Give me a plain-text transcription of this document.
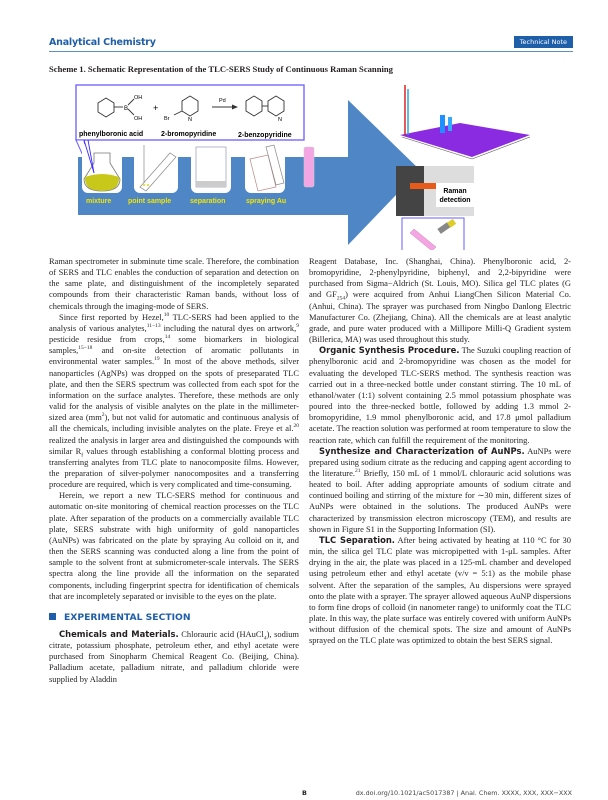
Analytical Chemistry	Technical Note
Scheme 1. Schematic Representation of the TLC-SERS Study of Continuous Raman Scanning
B
OH
OH
+
Br	N
Pd
N
phenylboronic acid	2-bromopyridine	2-benzopyridine
mixture point sample	separation	spraying Au
Raman
detection

Raman spectrometer in subminute time scale. Therefore, the combination of SERS and TLC enables the conduction of separation and detection on the same plate, and distinguishment of the incompletely separated compounds from their characteristic Raman bands, without loss of chemicals through the imaging-mode of SERS.

Since first reported by Hezel,$^{10}$ TLC-SERS had been applied to the analysis of various analytes,$^{11-13}$ including the natural dyes on artwork,$^9$ pesticide residue from crops,$^{14}$ some biomarkers in biological samples,$^{15-18}$ and on-site detection of aromatic pollutants in environmental water samples.$^{19}$ In most of the above methods, silver nanoparticles (AgNPs) was dropped on the spots of preseparated TLC plate, and then the SERS spectrum was collected from each spot for the information on the surface analytes. Therefore, these methods are only valid for the analysis of visible analytes on the plate in the millimeter-sized area $(mm^2)$, but not valid for automatic and continuous analysis of all the chemicals, including invisible analytes on the plate. Freye et al.$^{20}$ realized the analysis in larger area and distinguished the compounds with similar $R_f$ values through establishing a conformal blotting process and transferring analytes from TLC plate to nanocomposite films. However, the preparation of silver-polymer nanocomposites and a transferring procedure are required, which is very complicated and time-consuming.

Herein, we report a new TLC-SERS method for continuous and automatic on-site monitoring of chemical reaction processes on the TLC plate. After separation of the products on a commercially available TLC plate, SERS substrate with high uniformity of gold nanoparticles (AuNPs) was fabricated on the plate by spraying Au colloid on it, and then the SERS scanning was conducted along a line from the point of sample to the solvent front at submicrometer-scale intervals. The SERS spectra along the line provide all the information on the separated components, including fingerprint spectra for identification of chemicals that are incompletely separated or invisible to the eyes on the plate.

EXPERIMENTAL SECTION

Chemicals and Materials. Chlorauric acid (HAuCl$_4$), sodium citrate, potassium phosphate, petroleum ether, and ethyl acetate were purchased from Sinopharm Chemical Reagent Co. (Beijing, China). Palladium acetate, palladium nitrate, and palladium chloride were supplied by Aladdin

Reagent Database, Inc. (Shanghai, China). Phenylboronic acid, 2-bromopyridine, 2-phenylpyridine, biphenyl, and 2,2-bipyridine were purchased from Sigma−Aldrich (St. Louis, MO). Silica gel TLC plates (G and $GF_{254}$) were acquired from Anhui LiangChen Silicon Material Co. (Anhui, China). The sprayer was purchased from Ningbo Danlong Electric Manufacturer Co. (Zhejiang, China). All the chemicals are at least analytic grade, and pure water produced with a Millipore Milli-Q Gradient system (Billerica, MA) was used throughout this study.

Organic Synthesis Procedure. The Suzuki coupling reaction of phenylboronic acid and 2-bromopyridine was chosen as the model for evaluating the developed TLC-SERS method. The synthesis reaction was carried out in a three-necked bottle under constant stirring. The 10 mL of ethanol/water (1:1) solvent containing 2.5 mmol potassium phosphate was poured into the three-necked bottle, followed by adding 1.3 mmol 2-bromopyridine, 1.9 mmol phenylboronic acid, and 17.8 μmol palladium acetate. The reaction solution was performed at room temperature to slow the reaction rate, which can fulfill the requirement of the monitoring.

Synthesize and Characterization of AuNPs. AuNPs were prepared using sodium citrate as the reducing and capping agent according to the literature.$^{21}$ Briefly, 150 mL of 1 mmol/L chlorauric acid solutions was heated to boil. After adding appropriate amounts of sodium citrate and continued boiling and stirring of the mixture for ∼30 min, different sizes of AuNPs were obtained in the solutions. The produced AuNPs were characterized by transmission electron microscopy (TEM), and results are shown in Figure S1 in the Supporting Information (SI).

TLC Separation. After being activated by heating at 110 °C for 30 min, the silica gel TLC plate was micropipetted with 1-μL samples. After drying in the air, the plate was placed in a 125-mL chamber and developed using petroleum ether and ethyl acetate (v/v = 5:1) as the mobile phase solvent. After the separation of the samples, Au dispersions were sprayed onto the plate with a sprayer. The sprayer allowed aqueous AuNP dispersions to form fine drops of colloid (in nanometer range) to uniformly coat the TLC plate. In this way, the plate surface was entirely covered with uniform AuNPs without diffusion of the chemical spots. The size and amount of AuNPs sprayed on the TLC plate was optimized to obtain the best SERS signal.

B	dx.doi.org/10.1021/ac5017387 | Anal. Chem. XXXX, XXX, XXX−XXX
